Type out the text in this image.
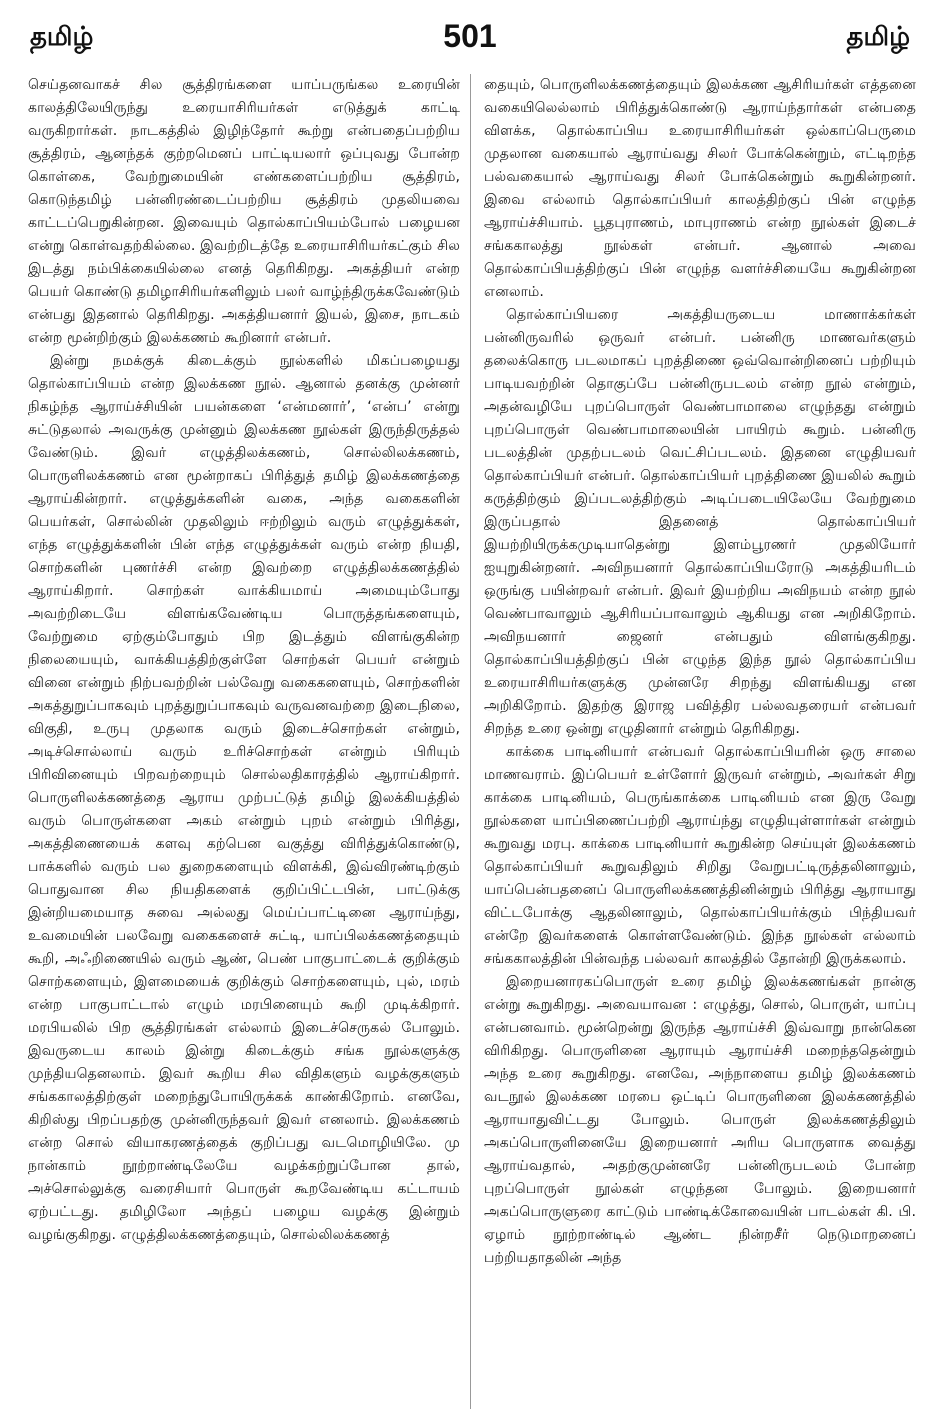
தமிழ்	501	தமிழ்

செய்தனவாகச் சில சூத்திரங்களை யாப்பருங்கல உரையின் காலத்திலேயிருந்து உரையாசிரியர்கள் எடுத்துக் காட்டி வருகிறார்கள். நாடகத்தில் இழிந்தோர் கூற்று என்பதைப்பற்றிய சூத்திரம், ஆனந்தக் குற்றமெனப் பாட்டியலார் ஒப்புவது போன்ற கொள்கை, வேற்றுமையின் எண்களைப்பற்றிய சூத்திரம், கொடுந்தமிழ் பன்னிரண்டைப்பற்றிய சூத்திரம் முதலியவை காட்டப்பெறுகின்றன. இவையும் தொல்காப்பியம்போல் பழையன என்று கொள்வதற்கில்லை. இவற்றிடத்தே உரையாசிரியர்கட்கும் சில இடத்து நம்பிக்கையில்லை எனத் தெரிகிறது. அகத்தியர் என்ற பெயர் கொண்டு தமிழாசிரியர்களிலும் பலர் வாழ்ந்திருக்கவேண்டும் என்பது இதனால் தெரிகிறது. அகத்தியனார் இயல், இசை, நாடகம் என்ற மூன்றிற்கும் இலக்கணம் கூறினார் என்பர்.

இன்று நமக்குக் கிடைக்கும் நூல்களில் மிகப்பழையது தொல்காப்பியம் என்ற இலக்கண நூல். ஆனால் தனக்கு முன்னர் நிகழ்ந்த ஆராய்ச்சியின் பயன்களை ‘என்மனார்’, ‘என்ப’ என்று சுட்டுதலால் அவருக்கு முன்னும் இலக்கண நூல்கள் இருந்திருத்தல் வேண்டும். இவர் எழுத்திலக்கணம், சொல்லிலக்கணம், பொருளிலக்கணம் என மூன்றாகப் பிரித்துத் தமிழ் இலக்கணத்தை ஆராய்கின்றார். எழுத்துக்களின் வகை, அந்த வகைகளின் பெயர்கள், சொல்லின் முதலிலும் ஈற்றிலும் வரும் எழுத்துக்கள், எந்த எழுத்துக்களின் பின் எந்த எழுத்துக்கள் வரும் என்ற நியதி, சொற்களின் புணர்ச்சி என்ற இவற்றை எழுத்திலக்கணத்தில் ஆராய்கிறார். சொற்கள் வாக்கியமாய் அமையும்போது அவற்றிடையே விளங்கவேண்டிய பொருத்தங்களையும், வேற்றுமை ஏற்கும்போதும் பிற இடத்தும் விளங்குகின்ற நிலையையும், வாக்கியத்திற்குள்ளே சொற்கள் பெயர் என்றும் வினை என்றும் நிற்பவற்றின் பல்வேறு வகைகளையும், சொற்களின் அகத்துறுப்பாகவும் புறத்துறுப்பாகவும் வருவனவற்றை இடைநிலை, விகுதி, உருபு முதலாக வரும் இடைச்சொற்கள் என்றும், அடிச்சொல்லாய் வரும் உரிச்சொற்கள் என்றும் பிரியும் பிரிவினையும் பிறவற்றையும் சொல்லதிகாரத்தில் ஆராய்கிறார். பொருளிலக்கணத்தை ஆராய முற்பட்டுத் தமிழ் இலக்கியத்தில் வரும் பொருள்களை அகம் என்றும் புறம் என்றும் பிரித்து, அகத்திணையைக் களவு கற்பென வகுத்து விரித்துக்கொண்டு, பாக்களில் வரும் பல துறைகளையும் விளக்கி, இவ்விரண்டிற்கும் பொதுவான சில நியதிகளைக் குறிப்பிட்டபின், பாட்டுக்கு இன்றியமையாத சுவை அல்லது மெய்ப்பாட்டினை ஆராய்ந்து, உவமையின் பலவேறு வகைகளைச் சுட்டி, யாப்பிலக்கணத்தையும் கூறி, அஃறிணையில் வரும் ஆண், பெண் பாகுபாட்டைக் குறிக்கும் சொற்களையும், இளமையைக் குறிக்கும் சொற்களையும், புல், மரம் என்ற பாகுபாட்டால் எழும் மரபினையும் கூறி முடிக்கிறார். மரபியலில் பிற சூத்திரங்கள் எல்லாம் இடைச்செருகல் போலும். இவருடைய காலம் இன்று கிடைக்கும் சங்க நூல்களுக்கு முந்தியதெனலாம். இவர் கூறிய சில விதிகளும் வழக்குகளும் சங்ககாலத்திற்குள் மறைந்துபோயிருக்கக் காண்கிறோம். எனவே, கிறிஸ்து பிறப்பதற்கு முன்னிருந்தவர் இவர் எனலாம். இலக்கணம் என்ற சொல் வியாகரணத்தைக் குறிப்பது வடமொழியிலே. மு நான்காம் நூற்றாண்டிலேயே வழக்கற்றுப்போன தால், அச்சொல்லுக்கு வரைசியார் பொருள் கூறவேண்டிய கட்டாயம் ஏற்பட்டது. தமிழிலோ அந்தப் பழைய வழக்கு இன்றும் வழங்குகிறது. எழுத்திலக்கணத்தையும், சொல்லிலக்கணத்

தையும், பொருளிலக்கணத்தையும் இலக்கண ஆசிரியர்கள் எத்தனை வகையிலெல்லாம் பிரித்துக்கொண்டு ஆராய்ந்தார்கள் என்பதை விளக்க, தொல்காப்பிய உரையாசிரியர்கள் ஒல்காப்பெருமை முதலான வகையால் ஆராய்வது சிலர் போக்கென்றும், எட்டிறந்த பல்வகையால் ஆராய்வது சிலர் போக்கென்றும் கூறுகின்றனர். இவை எல்லாம் தொல்காப்பியர் காலத்திற்குப் பின் எழுந்த ஆராய்ச்சியாம். பூதபுராணம், மாபுராணம் என்ற நூல்கள் இடைச் சங்ககாலத்து நூல்கள் என்பர். ஆனால் அவை தொல்காப்பியத்திற்குப் பின் எழுந்த வளர்ச்சியையே கூறுகின்றன எனலாம்.

தொல்காப்பியரை அகத்தியருடைய மாணாக்கர்கள் பன்னிருவரில் ஒருவர் என்பர். பன்னிரு மாணவர்களும் தலைக்கொரு படலமாகப் புறத்திணை ஒவ்வொன்றினைப் பற்றியும் பாடியவற்றின் தொகுப்பே பன்னிருபடலம் என்ற நூல் என்றும், அதன்வழியே புறப்பொருள் வெண்பாமாலை எழுந்தது என்றும் புறப்பொருள் வெண்பாமாலையின் பாயிரம் கூறும். பன்னிரு படலத்தின் முதற்படலம் வெட்சிப்படலம். இதனை எழுதியவர் தொல்காப்பியர் என்பர். தொல்காப்பியர் புறத்திணை இயலில் கூறும் கருத்திற்கும் இப்படலத்திற்கும் அடிப்படையிலேயே வேற்றுமை இருப்பதால் இதனைத் தொல்காப்பியர் இயற்றியிருக்கமுடியாதென்று இளம்பூரணர் முதலியோர் ஐயுறுகின்றனர். அவிநயனார் தொல்காப்பியரோடு அகத்தியரிடம் ஒருங்கு பயின்றவர் என்பர். இவர் இயற்றிய அவிநயம் என்ற நூல் வெண்பாவாலும் ஆசிரியப்பாவாலும் ஆகியது என அறிகிறோம். அவிநயனார் ஜைனர் என்பதும் விளங்குகிறது. தொல்காப்பியத்திற்குப் பின் எழுந்த இந்த நூல் தொல்காப்பிய உரையாசிரியர்களுக்கு முன்னரே சிறந்து விளங்கியது என அறிகிறோம். இதற்கு இராஜ பவித்திர பல்லவதரையர் என்பவர் சிறந்த உரை ஒன்று எழுதினார் என்றும் தெரிகிறது.

காக்கை பாடினியார் என்பவர் தொல்காப்பியரின் ஒரு சாலை மாணவராம். இப்பெயர் உள்ளோர் இருவர் என்றும், அவர்கள் சிறு காக்கை பாடினியம், பெருங்காக்கை பாடினியம் என இரு வேறு நூல்களை யாப்பிணைப்பற்றி ஆராய்ந்து எழுதியுள்ளார்கள் என்றும் கூறுவது மரபு. காக்கை பாடினியார் கூறுகின்ற செய்யுள் இலக்கணம் தொல்காப்பியர் கூறுவதிலும் சிறிது வேறுபட்டிருத்தலினாலும், யாப்பென்பதனைப் பொருளிலக்கணத்தினின்றும் பிரித்து ஆராயாது விட்டபோக்கு ஆதலினாலும், தொல்காப்பியர்க்கும் பிந்தியவர் என்றே இவர்களைக் கொள்ளவேண்டும். இந்த நூல்கள் எல்லாம் சங்ககாலத்தின் பின்வந்த பல்லவர் காலத்தில் தோன்றி இருக்கலாம்.

இறையனாரகப்பொருள் உரை தமிழ் இலக்கணங்கள் நான்கு என்று கூறுகிறது. அவையாவன : எழுத்து, சொல், பொருள், யாப்பு என்பனவாம். மூன்றென்று இருந்த ஆராய்ச்சி இவ்வாறு நான்கென விரிகிறது. பொருளினை ஆராயும் ஆராய்ச்சி மறைந்ததென்றும் அந்த உரை கூறுகிறது. எனவே, அந்நாளைய தமிழ் இலக்கணம் வடநூல் இலக்கண மரபை ஒட்டிப் பொருளினை இலக்கணத்தில் ஆராயாதுவிட்டது போலும். பொருள் இலக்கணத்திலும் அகப்பொருளினையே இறையனார் அரிய பொருளாக வைத்து ஆராய்வதால், அதற்குமுன்னரே பன்னிருபடலம் போன்ற புறப்பொருள் நூல்கள் எழுந்தன போலும். இறையனார் அகப்பொருளுரை காட்டும் பாண்டிக்கோவையின் பாடல்கள் கி. பி. ஏழாம் நூற்றாண்டில் ஆண்ட நின்றசீர் நெடுமாறனைப் பற்றியதாதலின் அந்த
